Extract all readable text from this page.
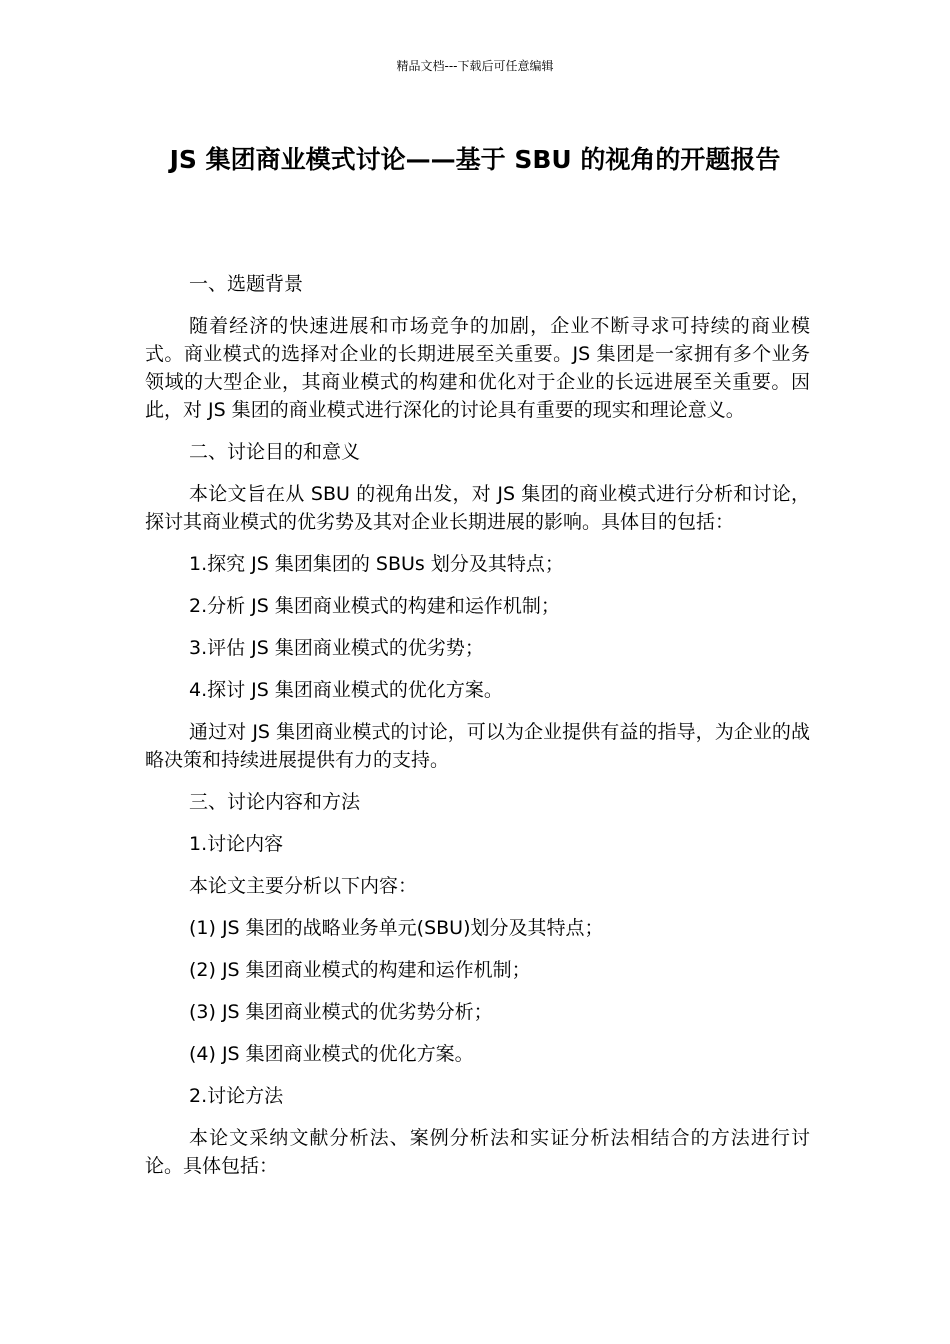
精品文档---下载后可任意编辑
JS 集团商业模式讨论——基于 SBU 的视角的开题报告

一、选题背景

随着经济的快速进展和市场竞争的加剧，企业不断寻求可持续的商业模式。商业模式的选择对企业的长期进展至关重要。JS 集团是一家拥有多个业务领域的大型企业，其商业模式的构建和优化对于企业的长远进展至关重要。因此，对 JS 集团的商业模式进行深化的讨论具有重要的现实和理论意义。

二、讨论目的和意义

本论文旨在从 SBU 的视角出发，对 JS 集团的商业模式进行分析和讨论，探讨其商业模式的优劣势及其对企业长期进展的影响。具体目的包括：

1.探究 JS 集团集团的 SBUs 划分及其特点；

2.分析 JS 集团商业模式的构建和运作机制；

3.评估 JS 集团商业模式的优劣势；

4.探讨 JS 集团商业模式的优化方案。

通过对 JS 集团商业模式的讨论，可以为企业提供有益的指导，为企业的战略决策和持续进展提供有力的支持。

三、讨论内容和方法

1.讨论内容

本论文主要分析以下内容：

(1) JS 集团的战略业务单元(SBU)划分及其特点；

(2) JS 集团商业模式的构建和运作机制；

(3) JS 集团商业模式的优劣势分析；

(4) JS 集团商业模式的优化方案。

2.讨论方法

本论文采纳文献分析法、案例分析法和实证分析法相结合的方法进行讨论。具体包括：
